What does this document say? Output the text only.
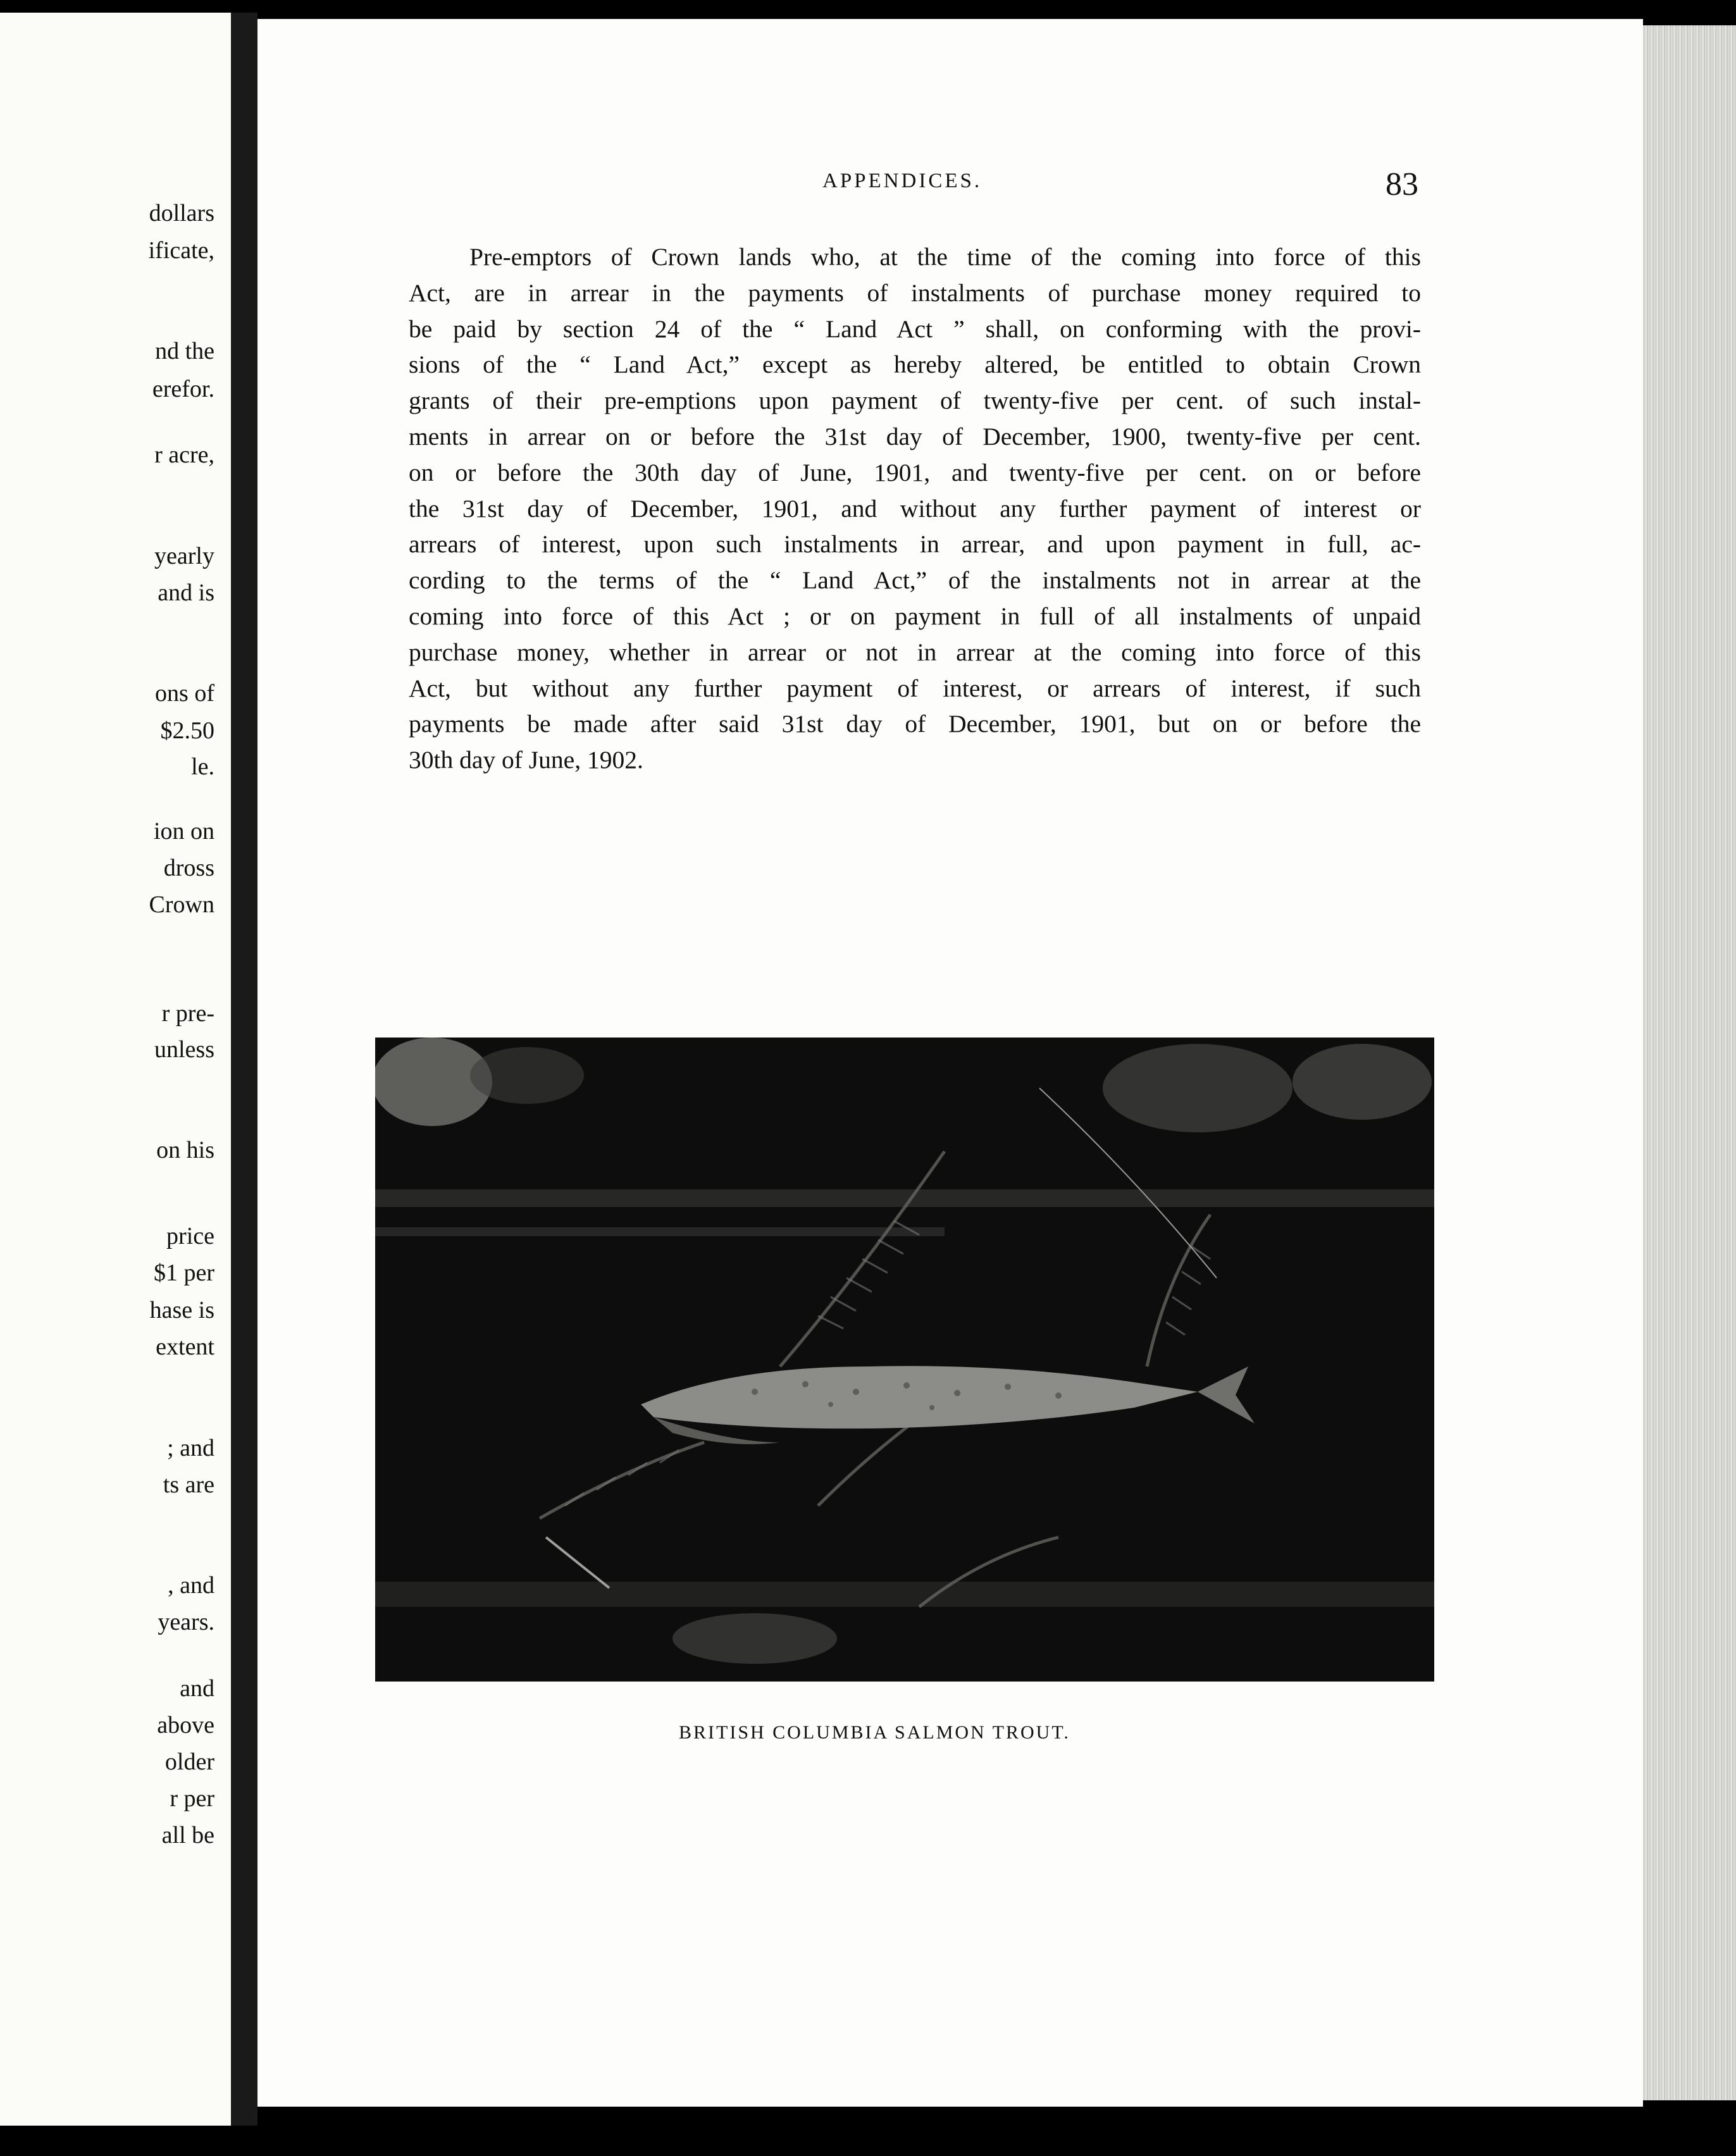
dollars
ificate,
nd the
erefor.
r acre,
yearly
and is
ons of
$2.50
le.
ion on
dross
Crown
r pre-
unless
on his
price
$1 per
hase is
extent
; and
ts are
, and
years.
and
above
older
r per
all be
APPENDICES.	83
Pre-emptors of Crown lands who, at the time of the coming into force of this
Act, are in arrear in the payments of instalments of purchase money required to
be paid by section 24 of the “ Land Act ” shall, on conforming with the provi-
sions of the “ Land Act,” except as hereby altered, be entitled to obtain Crown
grants of their pre-emptions upon payment of twenty-five per cent. of such instal-
ments in arrear on or before the 31st day of December, 1900, twenty-five per cent.
on or before the 30th day of June, 1901, and twenty-five per cent. on or before
the 31st day of December, 1901, and without any further payment of interest or
arrears of interest, upon such instalments in arrear, and upon payment in full, ac-
cording to the terms of the “ Land Act,” of the instalments not in arrear at the
coming into force of this Act ; or on payment in full of all instalments of unpaid
purchase money, whether in arrear or not in arrear at the coming into force of this
Act, but without any further payment of interest, or arrears of interest, if such
payments be made after said 31st day of December, 1901, but on or before the
30th day of June, 1902.
BRITISH COLUMBIA SALMON TROUT.
